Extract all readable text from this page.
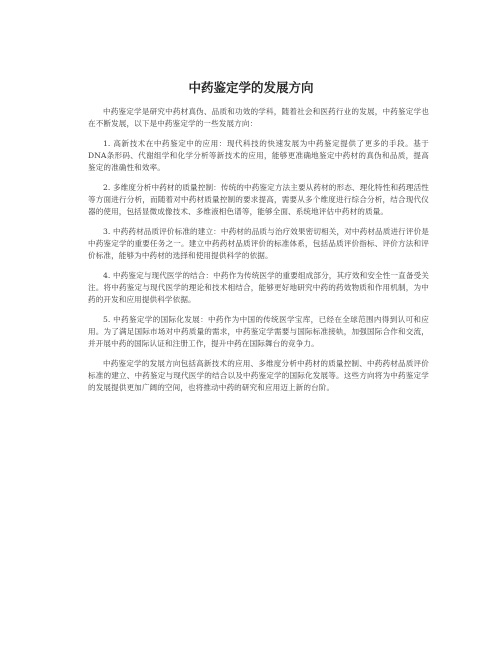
中药鉴定学的发展方向

中药鉴定学是研究中药材真伪、品质和功效的学科，随着社会和医药行业的发展，中药鉴定学也在不断发展，以下是中药鉴定学的一些发展方向：

1. 高新技术在中药鉴定中的应用：现代科技的快速发展为中药鉴定提供了更多的手段。基于DNA条形码、代谢组学和化学分析等新技术的应用，能够更准确地鉴定中药材的真伪和品质，提高鉴定的准确性和效率。

2. 多维度分析中药材的质量控制：传统的中药鉴定方法主要从药材的形态、理化特性和药理活性等方面进行分析，而随着对中药材质量控制的要求提高，需要从多个维度进行综合分析，结合现代仪器的使用，包括显微成像技术、多维液相色谱等，能够全面、系统地评估中药材的质量。

3. 中药药材品质评价标准的建立：中药材的品质与治疗效果密切相关，对中药材品质进行评价是中药鉴定学的重要任务之一。建立中药药材品质评价的标准体系，包括品质评价指标、评价方法和评价标准，能够为中药材的选择和使用提供科学的依据。

4. 中药鉴定与现代医学的结合：中药作为传统医学的重要组成部分，其疗效和安全性一直备受关注。将中药鉴定与现代医学的理论和技术相结合，能够更好地研究中药的药效物质和作用机制，为中药的开发和应用提供科学依据。

5. 中药鉴定学的国际化发展：中药作为中国的传统医学宝库，已经在全球范围内得到认可和应用。为了满足国际市场对中药质量的需求，中药鉴定学需要与国际标准接轨，加强国际合作和交流，并开展中药的国际认证和注册工作，提升中药在国际舞台的竞争力。

中药鉴定学的发展方向包括高新技术的应用、多维度分析中药材的质量控制、中药药材品质评价标准的建立、中药鉴定与现代医学的结合以及中药鉴定学的国际化发展等。这些方向将为中药鉴定学的发展提供更加广阔的空间，也将推动中药的研究和应用迈上新的台阶。
